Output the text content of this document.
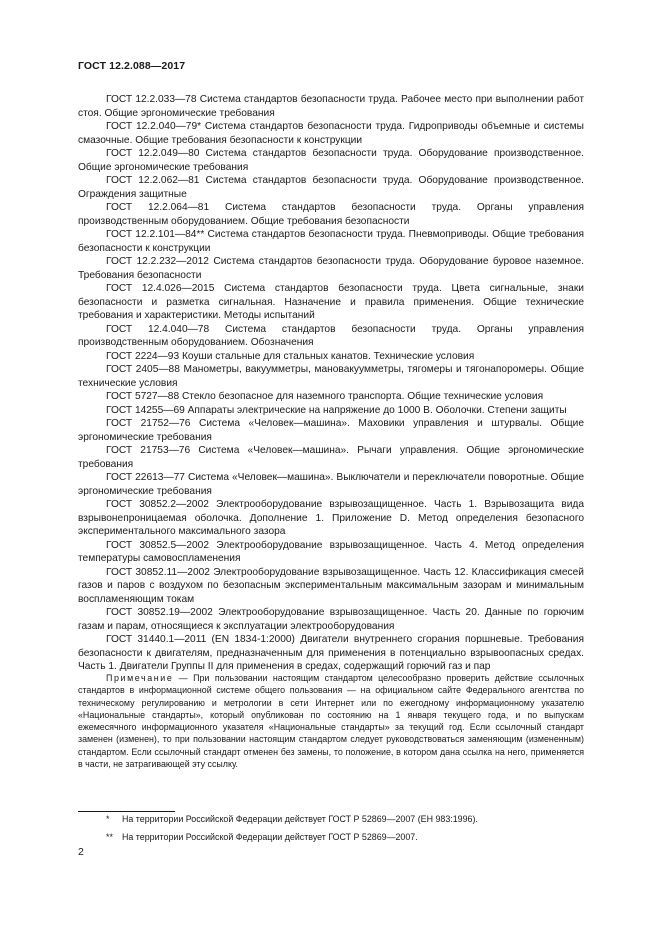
ГОСТ 12.2.088—2017

ГОСТ 12.2.033—78 Система стандартов безопасности труда. Рабочее место при выполнении работ стоя. Общие эргономические требования

ГОСТ 12.2.040—79* Система стандартов безопасности труда. Гидроприводы объемные и системы смазочные. Общие требования безопасности к конструкции

ГОСТ 12.2.049—80 Система стандартов безопасности труда. Оборудование производственное. Общие эргономические требования

ГОСТ 12.2.062—81 Система стандартов безопасности труда. Оборудование производственное. Ограждения защитные

ГОСТ 12.2.064—81 Система стандартов безопасности труда. Органы управления производственным оборудованием. Общие требования безопасности

ГОСТ 12.2.101—84** Система стандартов безопасности труда. Пневмоприводы. Общие требования безопасности к конструкции

ГОСТ 12.2.232—2012 Система стандартов безопасности труда. Оборудование буровое наземное. Требования безопасности

ГОСТ 12.4.026—2015 Система стандартов безопасности труда. Цвета сигнальные, знаки безопасности и разметка сигнальная. Назначение и правила применения. Общие технические требования и характеристики. Методы испытаний

ГОСТ 12.4.040—78 Система стандартов безопасности труда. Органы управления производственным оборудованием. Обозначения

ГОСТ 2224—93 Коуши стальные для стальных канатов. Технические условия

ГОСТ 2405—88 Манометры, вакуумметры, мановакуумметры, тягомеры и тягонапоромеры. Общие технические условия

ГОСТ 5727—88 Стекло безопасное для наземного транспорта. Общие технические условия

ГОСТ 14255—69 Аппараты электрические на напряжение до 1000 В. Оболочки. Степени защиты

ГОСТ 21752—76 Система «Человек—машина». Маховики управления и штурвалы. Общие эргономические требования

ГОСТ 21753—76 Система «Человек—машина». Рычаги управления. Общие эргономические требования

ГОСТ 22613—77 Система «Человек—машина». Выключатели и переключатели поворотные. Общие эргономические требования

ГОСТ 30852.2—2002 Электрооборудование взрывозащищенное. Часть 1. Взрывозащита вида взрывонепроницаемая оболочка. Дополнение 1. Приложение D. Метод определения безопасного экспериментального максимального зазора

ГОСТ 30852.5—2002 Электрооборудование взрывозащищенное. Часть 4. Метод определения температуры самовоспламенения

ГОСТ 30852.11—2002 Электрооборудование взрывозащищенное. Часть 12. Классификация смесей газов и паров с воздухом по безопасным экспериментальным максимальным зазорам и минимальным воспламеняющим токам

ГОСТ 30852.19—2002 Электрооборудование взрывозащищенное. Часть 20. Данные по горючим газам и парам, относящиеся к эксплуатации электрооборудования

ГОСТ 31440.1—2011 (EN 1834-1:2000) Двигатели внутреннего сгорания поршневые. Требования безопасности к двигателям, предназначенным для применения в потенциально взрывоопасных средах. Часть 1. Двигатели Группы II для применения в средах, содержащий горючий газ и пар

Примечание — При пользовании настоящим стандартом целесообразно проверить действие ссылочных стандартов в информационной системе общего пользования — на официальном сайте Федерального агентства по техническому регулированию и метрологии в сети Интернет или по ежегодному информационному указателю «Национальные стандарты», который опубликован по состоянию на 1 января текущего года, и по выпускам ежемесячного информационного указателя «Национальные стандарты» за текущий год. Если ссылочный стандарт заменен (изменен), то при пользовании настоящим стандартом следует руководствоваться заменяющим (измененным) стандартом. Если ссылочный стандарт отменен без замены, то положение, в котором дана ссылка на него, применяется в части, не затрагивающей эту ссылку.

* На территории Российской Федерации действует ГОСТ Р 52869—2007 (ЕН 983:1996).
** На территории Российской Федерации действует ГОСТ Р 52869—2007.
2
